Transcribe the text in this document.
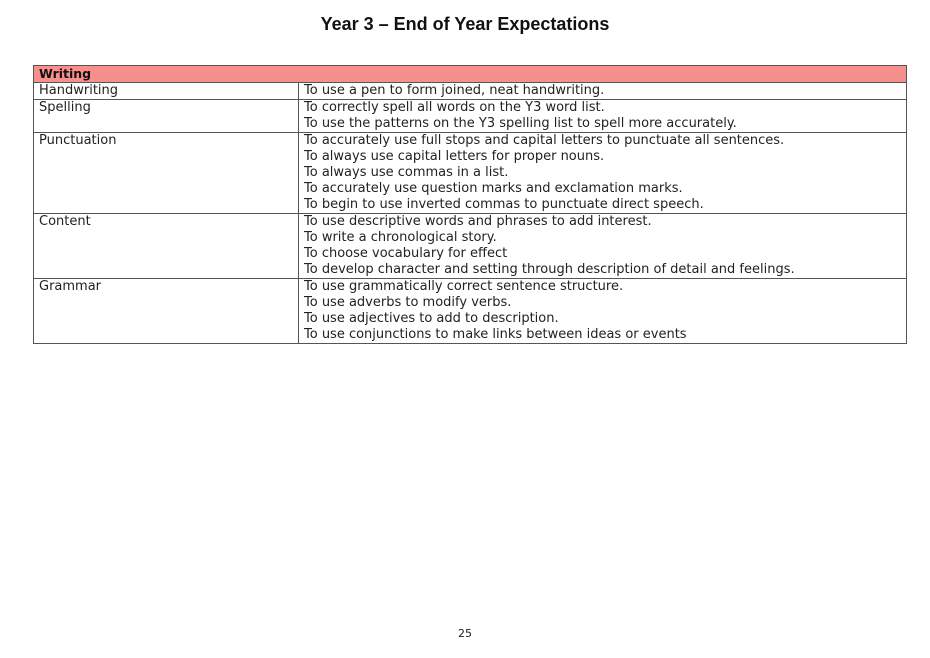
Year 3 – End of Year Expectations
Writing	
Handwriting	To use a pen to form joined, neat handwriting.

Spelling	To correctly spell all words on the Y3 word list.
To use the patterns on the Y3 spelling list to spell more accurately.

Punctuation	To accurately use full stops and capital letters to punctuate all sentences.
To always use capital letters for proper nouns.
To always use commas in a list.
To accurately use question marks and exclamation marks.
To begin to use inverted commas to punctuate direct speech.

Content	To use descriptive words and phrases to add interest.
To write a chronological story.
To choose vocabulary for effect
To develop character and setting through description of detail and feelings.

Grammar	To use grammatically correct sentence structure.
To use adverbs to modify verbs.
To use adjectives to add to description.
To use conjunctions to make links between ideas or events
25
